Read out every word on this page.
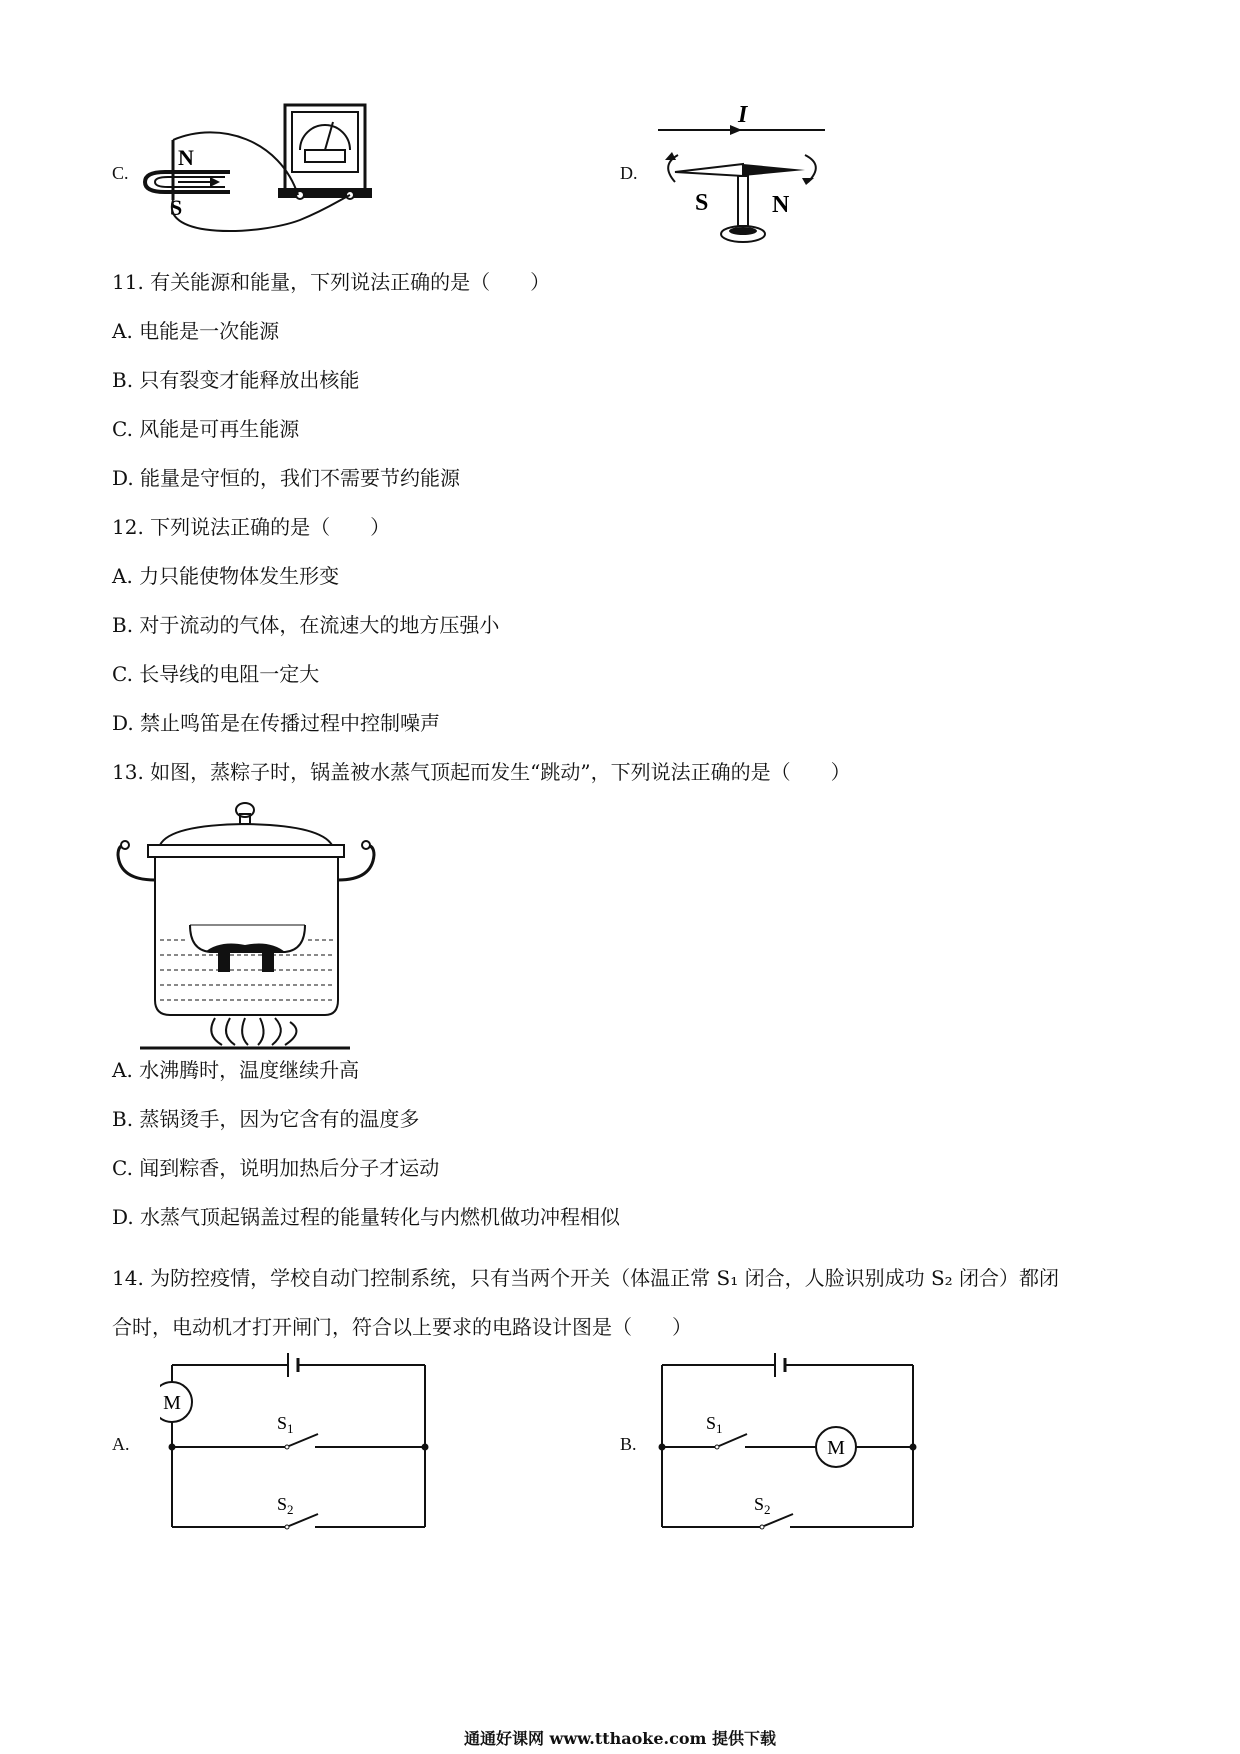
C.
N
S
D.
I
S	N
11. 有关能源和能量，下列说法正确的是（　　）
A. 电能是一次能源
B. 只有裂变才能释放出核能
C. 风能是可再生能源
D. 能量是守恒的，我们不需要节约能源
12. 下列说法正确的是（　　）
A. 力只能使物体发生形变
B. 对于流动的气体，在流速大的地方压强小
C. 长导线的电阻一定大
D. 禁止鸣笛是在传播过程中控制噪声
13. 如图，蒸粽子时，锅盖被水蒸气顶起而发生“跳动”，下列说法正确的是（　　）
A. 水沸腾时，温度继续升高
B. 蒸锅烫手，因为它含有的温度多
C. 闻到粽香，说明加热后分子才运动
D. 水蒸气顶起锅盖过程的能量转化与内燃机做功冲程相似
14. 为防控疫情，学校自动门控制系统，只有当两个开关（体温正常 S₁ 闭合，人脸识别成功 S₂ 闭合）都闭
合时，电动机才打开闸门，符合以上要求的电路设计图是（　　）
A.
M
$S_1$
$S_2$
B.	M
$S_1$
$S_2$
通通好课网 www.tthaoke.com 提供下载
